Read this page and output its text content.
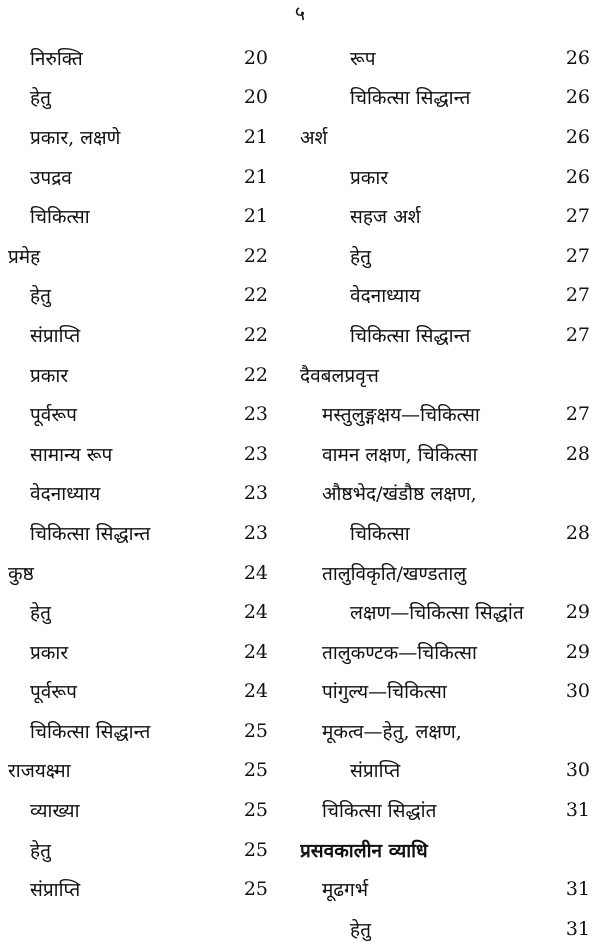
५
निरुक्ति	20
हेतु	20
प्रकार, लक्षणे	21
उपद्रव	21
चिकित्सा	21
प्रमेह	22
हेतु	22
संप्राप्ति	22
प्रकार	22
पूर्वरूप	23
सामान्य रूप	23
वेदनाध्याय	23
चिकित्सा सिद्धान्त	23
कुष्ठ	24
हेतु	24
प्रकार	24
पूर्वरूप	24
चिकित्सा सिद्धान्त	25
राजयक्ष्मा	25
व्याख्या	25
हेतु	25
संप्राप्ति	25
रूप	26
चिकित्सा सिद्धान्त	26
अर्श	26
प्रकार	26
सहज अर्श	27
हेतु	27
वेदनाध्याय	27
चिकित्सा सिद्धान्त	27
दैवबलप्रवृत्त
मस्तुलुङ्गक्षय—चिकित्सा	27
वामन लक्षण, चिकित्सा	28
औष्ठभेद/खंडौष्ठ लक्षण,
चिकित्सा	28
तालुविकृति/खण्डतालु
लक्षण—चिकित्सा सिद्धांत	29
तालुकण्टक—चिकित्सा	29
पांगुल्य—चिकित्सा	30
मूकत्व—हेतु, लक्षण,
संप्राप्ति	30
चिकित्सा सिद्धांत	31
प्रसवकालीन व्याधि
मूढगर्भ	31
हेतु	31
